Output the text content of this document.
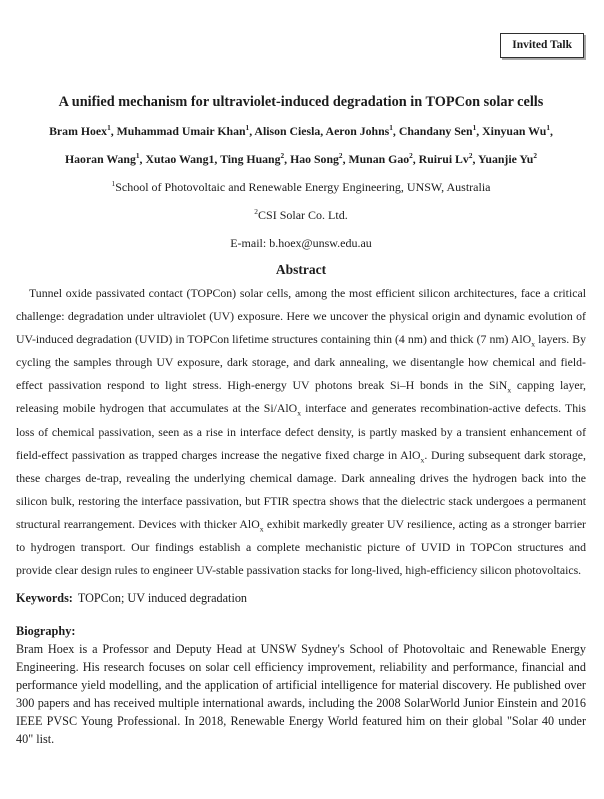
Invited Talk
A unified mechanism for ultraviolet-induced degradation in TOPCon solar cells
Bram Hoex$^1$, Muhammad Umair Khan$^1$, Alison Ciesla, Aeron Johns$^1$, Chandany Sen$^1$, Xinyuan Wu$^1$,
Haoran Wang$^1$, Xutao Wang1, Ting Huang$^2$, Hao Song$^2$, Munan Gao$^2$, Ruirui Lv$^2$, Yuanjie Yu$^2$
$^1$School of Photovoltaic and Renewable Energy Engineering, UNSW, Australia
$^2$CSI Solar Co. Ltd.
E-mail: b.hoex@unsw.edu.au
Abstract

Tunnel oxide passivated contact (TOPCon) solar cells, among the most efficient silicon architectures, face a critical challenge: degradation under ultraviolet (UV) exposure. Here we uncover the physical origin and dynamic evolution of UV-induced degradation (UVID) in TOPCon lifetime structures containing thin (4 nm) and thick (7 nm) AlO$_x$ layers. By cycling the samples through UV exposure, dark storage, and dark annealing, we disentangle how chemical and field-effect passivation respond to light stress. High-energy UV photons break Si–H bonds in the SiN$_x$ capping layer, releasing mobile hydrogen that accumulates at the Si/AlO$_x$ interface and generates recombination-active defects. This loss of chemical passivation, seen as a rise in interface defect density, is partly masked by a transient enhancement of field-effect passivation as trapped charges increase the negative fixed charge in AlO$_x$. During subsequent dark storage, these charges de-trap, revealing the underlying chemical damage. Dark annealing drives the hydrogen back into the silicon bulk, restoring the interface passivation, but FTIR spectra shows that the dielectric stack undergoes a permanent structural rearrangement. Devices with thicker AlO$_x$ exhibit markedly greater UV resilience, acting as a stronger barrier to hydrogen transport. Our findings establish a complete mechanistic picture of UVID in TOPCon structures and provide clear design rules to engineer UV-stable passivation stacks for long-lived, high-efficiency silicon photovoltaics.

Keywords: TOPCon; UV induced degradation
Biography:

Bram Hoex is a Professor and Deputy Head at UNSW Sydney's School of Photovoltaic and Renewable Energy Engineering. His research focuses on solar cell efficiency improvement, reliability and performance, financial and performance yield modelling, and the application of artificial intelligence for material discovery. He published over 300 papers and has received multiple international awards, including the 2008 SolarWorld Junior Einstein and 2016 IEEE PVSC Young Professional. In 2018, Renewable Energy World featured him on their global "Solar 40 under 40" list.
